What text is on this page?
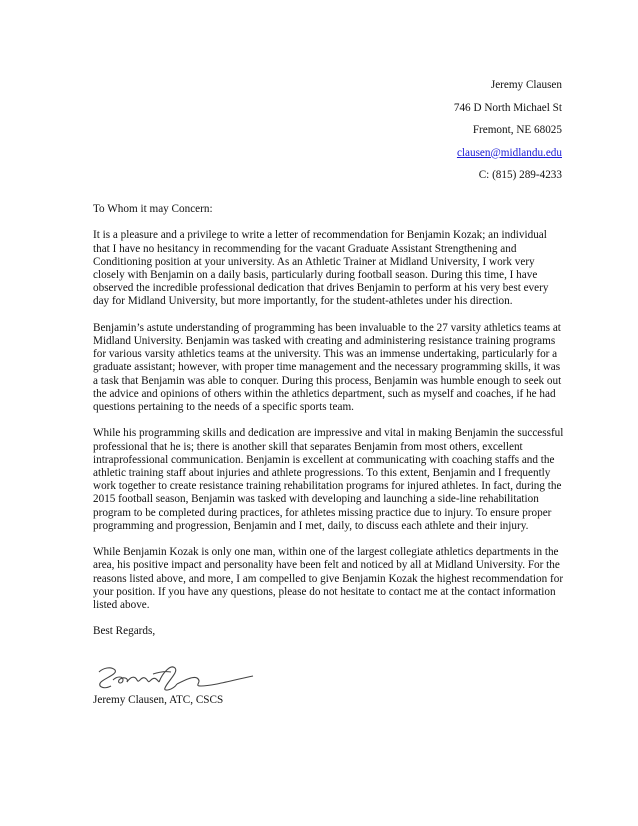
Jeremy Clausen
746 D North Michael St
Fremont, NE 68025
clausen@midlandu.edu
C: (815) 289-4233

To Whom it may Concern:

It is a pleasure and a privilege to write a letter of recommendation for Benjamin Kozak; an individual that I have no hesitancy in recommending for the vacant Graduate Assistant Strengthening and Conditioning position at your university. As an Athletic Trainer at Midland University, I work very closely with Benjamin on a daily basis, particularly during football season. During this time, I have observed the incredible professional dedication that drives Benjamin to perform at his very best every day for Midland University, but more importantly, for the student-athletes under his direction.

Benjamin’s astute understanding of programming has been invaluable to the 27 varsity athletics teams at Midland University. Benjamin was tasked with creating and administering resistance training programs for various varsity athletics teams at the university. This was an immense undertaking, particularly for a graduate assistant; however, with proper time management and the necessary programming skills, it was a task that Benjamin was able to conquer. During this process, Benjamin was humble enough to seek out the advice and opinions of others within the athletics department, such as myself and coaches, if he had questions pertaining to the needs of a specific sports team.

While his programming skills and dedication are impressive and vital in making Benjamin the successful professional that he is; there is another skill that separates Benjamin from most others, excellent intraprofessional communication. Benjamin is excellent at communicating with coaching staffs and the athletic training staff about injuries and athlete progressions. To this extent, Benjamin and I frequently work together to create resistance training rehabilitation programs for injured athletes. In fact, during the 2015 football season, Benjamin was tasked with developing and launching a side-line rehabilitation program to be completed during practices, for athletes missing practice due to injury. To ensure proper programming and progression, Benjamin and I met, daily, to discuss each athlete and their injury.

While Benjamin Kozak is only one man, within one of the largest collegiate athletics departments in the area, his positive impact and personality have been felt and noticed by all at Midland University. For the reasons listed above, and more, I am compelled to give Benjamin Kozak the highest recommendation for your position. If you have any questions, please do not hesitate to contact me at the contact information listed above.

Best Regards,

Jeremy Clausen, ATC, CSCS
